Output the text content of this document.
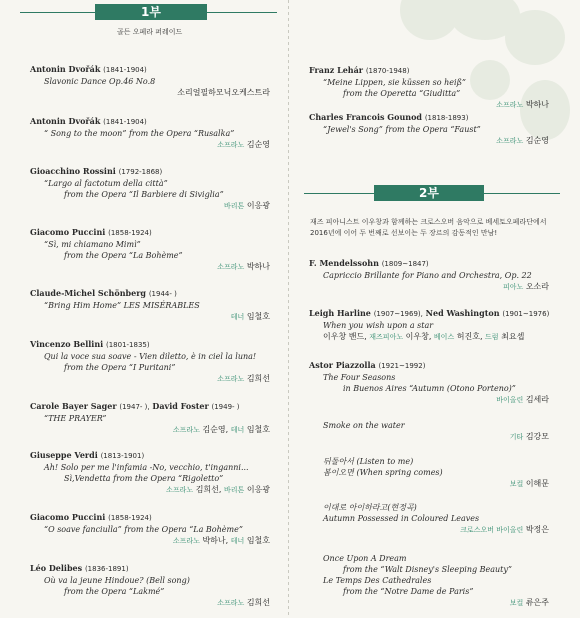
1부
골든 오페라 퍼레이드
2부
재즈 피아니스트 이우창과 함께하는 크로스오버 음악으로 베세토오페라단에서
2016년에 이어 두 번째로 선보이는 두 장르의 감동적인 만남!
Antonin Dvořák (1841-1904)
Slavonic Dance Op.46 No.8
소리얼필하모닉오케스트라
Antonin Dvořák (1841-1904)
“ Song to the moon” from the Opera “Rusalka”
소프라노 김순영
Gioacchino Rossini (1792-1868)
“Largo al factotum della città”
from the Opera “Il Barbiere di Siviglia”
바리톤 이응광
Giacomo Puccini (1858-1924)
“Sì, mi chiamano Mimì”
from the Opera “La Bohème”
소프라노 박하나
Claude-Michel Schönberg (1944- )
“Bring Him Home” LES MISÉRABLES
테너 임철호
Vincenzo Bellini (1801-1835)
Qui la voce sua soave - Vien diletto, è in ciel la luna!
from the Opera “I Puritani”
소프라노 김희선
Carole Bayer Sager (1947- ), David Foster (1949- )
“THE PRAYER”
소프라노 김순영, 테너 임철호
Giuseppe Verdi (1813-1901)
Ah! Solo per me l'infamia -No, vecchio, t'inganni...
Sì,Vendetta from the Opera “Rigoletto”
소프라노 김희선, 바리톤 이응광
Giacomo Puccini (1858-1924)
“O soave fanciulla” from the Opera “La Bohème”
소프라노 박하나, 테너 임철호
Léo Delibes (1836-1891)
Où va la jeune Hindoue? (Bell song)
from the Opera “Lakmé”
소프라노 김희선
Franz Lehár (1870-1948)
“Meine Lippen, sie küssen so heiß”
from the Operetta “Giuditta”
소프라노 박하나
Charles Francois Gounod (1818-1893)
“Jewel's Song” from the Opera “Faust”
소프라노 김순영
F. Mendelssohn (1809~1847)
Capriccio Brillante for Piano and Orchestra, Op. 22
피아노 오소라
Leigh Harline (1907~1969), Ned Washington (1901~1976)
When you wish upon a star
이우창 밴드, 재즈피아노 이우창, 베이스 허진호, 드럼 최요셉
Astor Piazzolla (1921~1992)
The Four Seasons
in Buenos Aires “Autumn (Otono Porteno)”
바이올린 김세라
Smoke on the water
기타 김강모
뒤돌아서 (Listen to me)
봄이오면 (When spring comes)
보컬 이해문
이대로 아이하라고(현정곡)
Autumn Possessed in Coloured Leaves
크로스오버 바이올린 박정은
Once Upon A Dream
from the “Walt Disney's Sleeping Beauty”
Le Temps Des Cathedrales
from the “Notre Dame de Paris”
보컬 류은주
